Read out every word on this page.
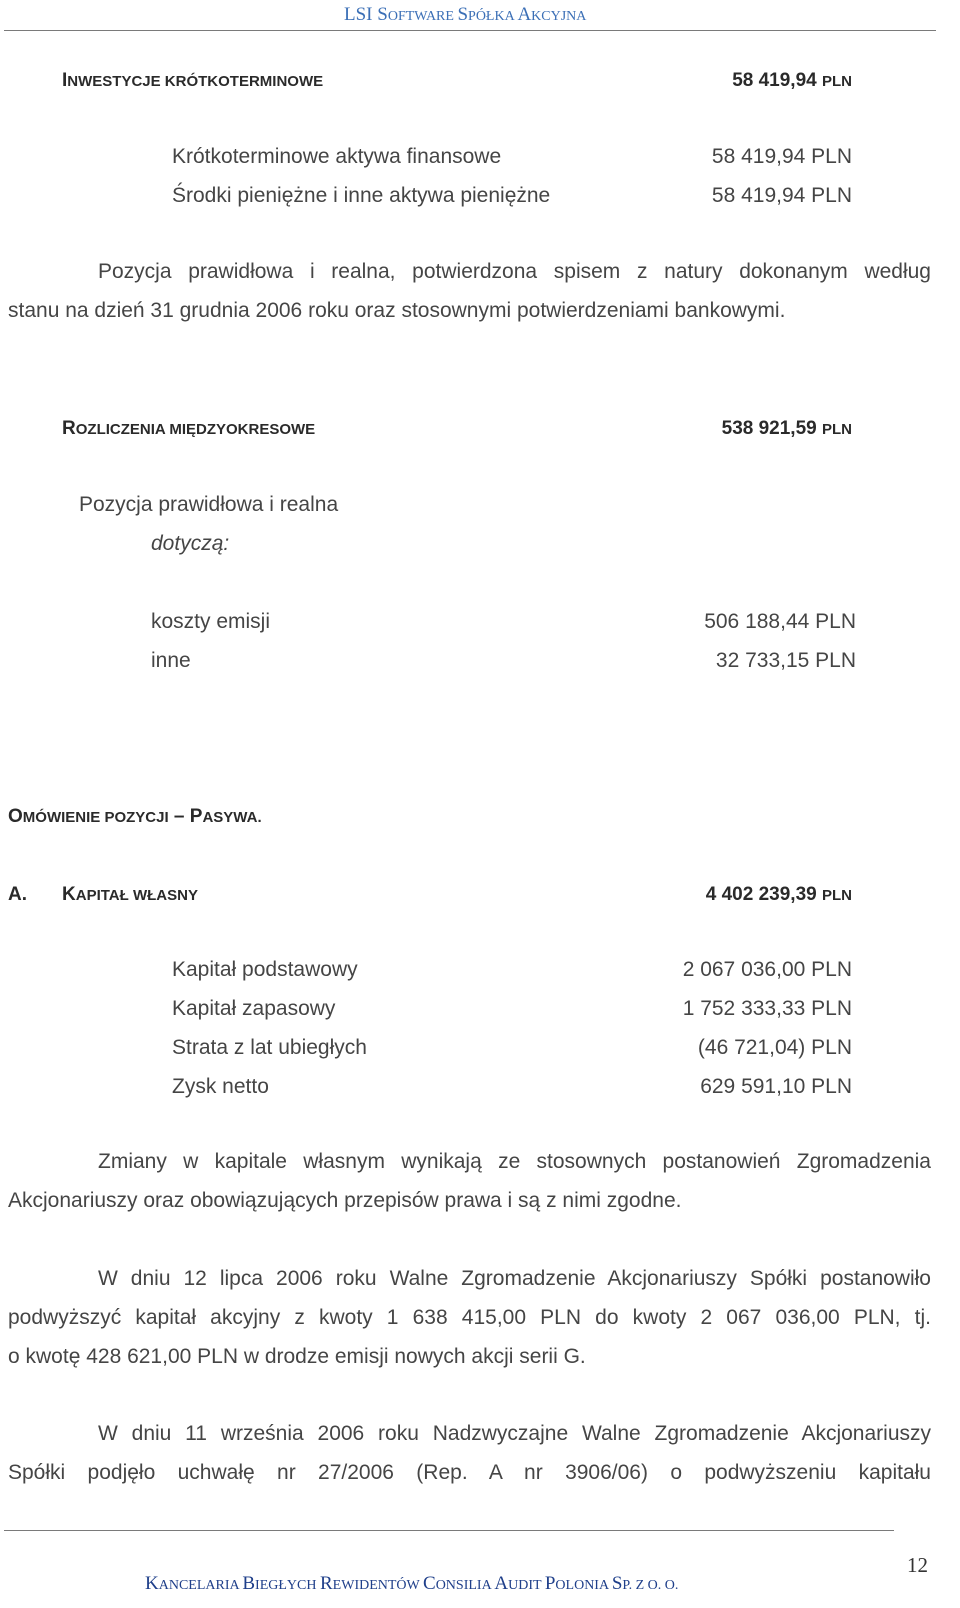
LSI SOFTWARE SPÓŁKA AKCYJNA
INWESTYCJE KRÓTKOTERMINOWE	58 419,94 PLN
Krótkoterminowe aktywa finansowe	58 419,94 PLN
Środki pieniężne i inne aktywa pieniężne	58 419,94 PLN
Pozycja prawidłowa i realna, potwierdzona spisem z natury dokonanym według
stanu na dzień 31 grudnia 2006 roku oraz stosownymi potwierdzeniami bankowymi.
ROZLICZENIA MIĘDZYOKRESOWE	538 921,59 PLN
Pozycja prawidłowa i realna
dotyczą:
koszty emisji	506 188,44 PLN
inne	32 733,15 PLN
OMÓWIENIE POZYCJI – PASYWA.
A. KAPITAŁ WŁASNY	4 402 239,39 PLN
Kapitał podstawowy	2 067 036,00 PLN
Kapitał zapasowy	1 752 333,33 PLN
Strata z lat ubiegłych	(46 721,04) PLN
Zysk netto	629 591,10 PLN
Zmiany w kapitale własnym wynikają ze stosownych postanowień Zgromadzenia
Akcjonariuszy oraz obowiązujących przepisów prawa i są z nimi zgodne.
W dniu 12 lipca 2006 roku Walne Zgromadzenie Akcjonariuszy Spółki postanowiło
podwyższyć kapitał akcyjny z kwoty 1 638 415,00 PLN do kwoty 2 067 036,00 PLN, tj.
o kwotę 428 621,00 PLN w drodze emisji nowych akcji serii G.
W dniu 11 września 2006 roku Nadzwyczajne Walne Zgromadzenie Akcjonariuszy
Spółki podjęło uchwałę nr 27/2006 (Rep. A nr 3906/06) o podwyższeniu kapitału
KANCELARIA BIEGŁYCH REWIDENTÓW CONSILIA AUDIT POLONIA SP. Z O. O.
12
